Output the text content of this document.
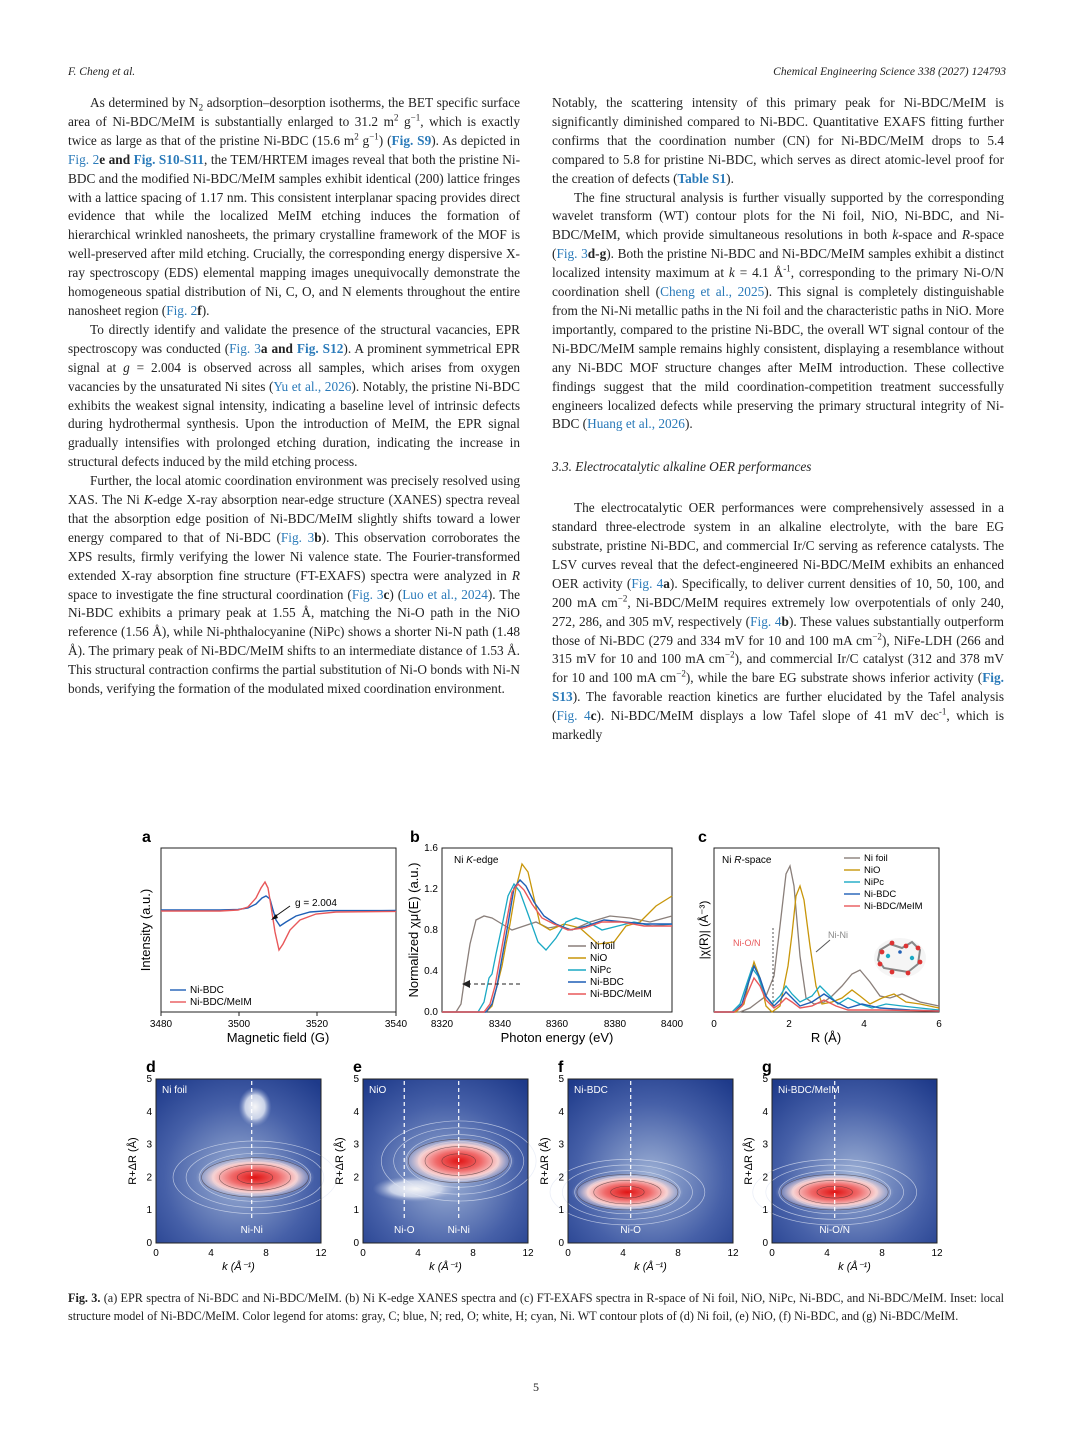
F. Cheng et al.	Chemical Engineering Science 338 (2027) 124793

As determined by $N_2$ adsorption–desorption isotherms, the BET specific surface area of Ni-BDC/MeIM is substantially enlarged to 31.2 $m^2$ $g^{-1}$, which is exactly twice as large as that of the pristine Ni-BDC (15.6 $m^2$ $g^{-1}$) (Fig. S9). As depicted in Fig. 2e and Fig. S10-S11, the TEM/HRTEM images reveal that both the pristine Ni-BDC and the modified Ni-BDC/MeIM samples exhibit identical (200) lattice fringes with a lattice spacing of 1.17 nm. This consistent interplanar spacing provides direct evidence that while the localized MeIM etching induces the formation of hierarchical wrinkled nanosheets, the primary crystalline framework of the MOF is well-preserved after mild etching. Crucially, the corresponding energy dispersive X-ray spectroscopy (EDS) elemental mapping images unequivocally demonstrate the homogeneous spatial distribution of Ni, C, O, and N elements throughout the entire nanosheet region (Fig. 2f).

To directly identify and validate the presence of the structural vacancies, EPR spectroscopy was conducted (Fig. 3a and Fig. S12). A prominent symmetrical EPR signal at g = 2.004 is observed across all samples, which arises from oxygen vacancies by the unsaturated Ni sites (Yu et al., 2026). Notably, the pristine Ni-BDC exhibits the weakest signal intensity, indicating a baseline level of intrinsic defects during hydrothermal synthesis. Upon the introduction of MeIM, the EPR signal gradually intensifies with prolonged etching duration, indicating the increase in structural defects induced by the mild etching process.

Further, the local atomic coordination environment was precisely resolved using XAS. The Ni K-edge X-ray absorption near-edge structure (XANES) spectra reveal that the absorption edge position of Ni-BDC/MeIM slightly shifts toward a lower energy compared to that of Ni-BDC (Fig. 3b). This observation corroborates the XPS results, firmly verifying the lower Ni valence state. The Fourier-transformed extended X-ray absorption fine structure (FT-EXAFS) spectra were analyzed in R space to investigate the fine structural coordination (Fig. 3c) (Luo et al., 2024). The Ni-BDC exhibits a primary peak at 1.55 Å, matching the Ni-O path in the NiO reference (1.56 Å), while Ni-phthalocyanine (NiPc) shows a shorter Ni-N path (1.48 Å). The primary peak of Ni-BDC/MeIM shifts to an intermediate distance of 1.53 Å. This structural contraction confirms the partial substitution of Ni-O bonds with Ni-N bonds, verifying the formation of the modulated mixed coordination environment.

Notably, the scattering intensity of this primary peak for Ni-BDC/MeIM is significantly diminished compared to Ni-BDC. Quantitative EXAFS fitting further confirms that the coordination number (CN) for Ni-BDC/MeIM drops to 5.4 compared to 5.8 for pristine Ni-BDC, which serves as direct atomic-level proof for the creation of defects (Table S1).

The fine structural analysis is further visually supported by the corresponding wavelet transform (WT) contour plots for the Ni foil, NiO, Ni-BDC, and Ni-BDC/MeIM, which provide simultaneous resolutions in both k-space and R-space (Fig. 3d-g). Both the pristine Ni-BDC and Ni-BDC/MeIM samples exhibit a distinct localized intensity maximum at k = 4.1 $Å^{-1}$, corresponding to the primary Ni-O/N coordination shell (Cheng et al., 2025). This signal is completely distinguishable from the Ni-Ni metallic paths in the Ni foil and the characteristic paths in NiO. More importantly, compared to the pristine Ni-BDC, the overall WT signal contour of the Ni-BDC/MeIM sample remains highly consistent, displaying a resemblance without any Ni-BDC MOF structure changes after MeIM introduction. These collective findings suggest that the mild coordination-competition treatment successfully engineers localized defects while preserving the primary structural integrity of Ni-BDC (Huang et al., 2026).

3.3. Electrocatalytic alkaline OER performances

The electrocatalytic OER performances were comprehensively assessed in a standard three-electrode system in an alkaline electrolyte, with the bare EG substrate, pristine Ni-BDC, and commercial Ir/C serving as reference catalysts. The LSV curves reveal that the defect-engineered Ni-BDC/MeIM exhibits an enhanced OER activity (Fig. 4a). Specifically, to deliver current densities of 10, 50, 100, and 200 mA $cm^{-2}$, Ni-BDC/MeIM requires extremely low overpotentials of only 240, 272, 286, and 305 mV, respectively (Fig. 4b). These values substantially outperform those of Ni-BDC (279 and 334 mV for 10 and 100 mA $cm^{-2}$), NiFe-LDH (266 and 315 mV for 10 and 100 mA $cm^{-2}$), and commercial Ir/C catalyst (312 and 378 mV for 10 and 100 mA $cm^{-2}$), while the bare EG substrate shows inferior activity (Fig. S13). The favorable reaction kinetics are further elucidated by the Tafel analysis (Fig. 4c). Ni-BDC/MeIM displays a low Tafel slope of 41 mV dec$^{-1}$, which is markedly

a
g = 2.004
Ni-BDC
Ni-BDC/MeIM
3480	3500	3520	3540
Magnetic field (G)
Intensity (a.u.)
b
Ni K-edge
Ni foil
NiO
NiPc
Ni-BDC
Ni-BDC/MeIM
0.0
0.4
0.8
1.2
1.6
8320	8340	8360	8380	8400
Photon energy (eV)
Normalized χμ(E) (a.u.)
c
Ni R-space
Ni-O/N
Ni-Ni
Ni foil
NiO
NiPc
Ni-BDC
Ni-BDC/MeIM
0	2	4	6
R (Å)
|χ(R)| (Å⁻³)
d
Ni foil
Ni-Ni
0
1
2
3
4
5
0	4	8	12
R+ΔR (Å)
k (Å⁻¹)
e
NiO
Ni-O	Ni-Ni
0
1
2
3
4
5
0	4	8	12
R+ΔR (Å)
k (Å⁻¹)
f
Ni-BDC
Ni-O
0
1
2
3
4
5
0	4	8	12
R+ΔR (Å)
k (Å⁻¹)
g
Ni-BDC/MeIM
Ni-O/N
0
1
2
3
4
5
0	4	8	12
R+ΔR (Å)
k (Å⁻¹)
Fig. 3. (a) EPR spectra of Ni-BDC and Ni-BDC/MeIM. (b) Ni K-edge XANES spectra and (c) FT-EXAFS spectra in R-space of Ni foil, NiO, NiPc, Ni-BDC, and Ni-BDC/MeIM. Inset: local structure model of Ni-BDC/MeIM. Color legend for atoms: gray, C; blue, N; red, O; white, H; cyan, Ni. WT contour plots of (d) Ni foil, (e) NiO, (f) Ni-BDC, and (g) Ni-BDC/MeIM.
5
